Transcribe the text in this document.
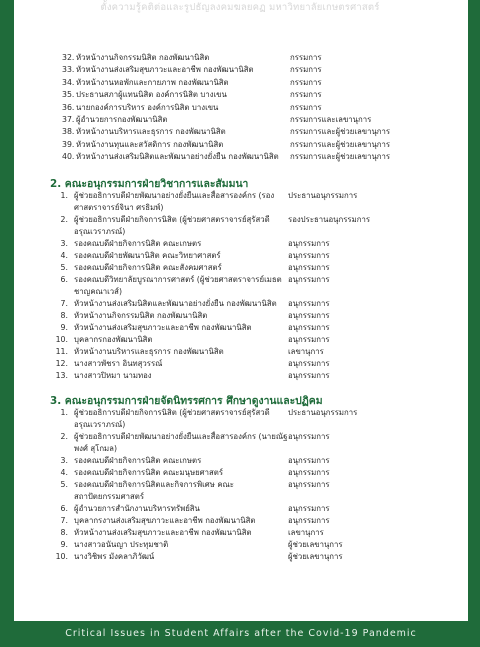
ตั้งความรู้คติต่อและรูปธัญลงคมฆลยคฏ มหาวิทยาลัยเกษตรศาสตร์
32. หัวหน้างานกิจกรรมนิสิต กองพัฒนานิสิต	กรรมการ
33. หัวหน้างานส่งเสริมสุขภาวะและอาชีพ กองพัฒนานิสิต	กรรมการ
34. หัวหน้างานหอพักและกายภาพ กองพัฒนานิสิต	กรรมการ
35. ประธานสภาผู้แทนนิสิต องค์การนิสิต บางเขน	กรรมการ
36. นายกองค์การบริหาร องค์การนิสิต บางเขน	กรรมการ
37. ผู้อำนวยการกองพัฒนานิสิต	กรรมการและเลขานุการ
38. หัวหน้างานบริหารและธุรการ กองพัฒนานิสิต	กรรมการและผู้ช่วยเลขานุการ
39. หัวหน้างานทุนและสวัสดิการ กองพัฒนานิสิต	กรรมการและผู้ช่วยเลขานุการ
40. หัวหน้างานส่งเสริมนิสิตและพัฒนาอย่างยั่งยืน กองพัฒนานิสิต	กรรมการและผู้ช่วยเลขานุการ
2. คณะอนุกรรมการฝ่ายวิชาการและสัมมนา
1. ผู้ช่วยอธิการบดีฝ่ายพัฒนาอย่างยั่งยืนและสื่อสารองค์กร (รองศาสตราจารย์จินา ศรธิมพ์)
ประธานอนุกรรมการ
2. ผู้ช่วยอธิการบดีฝ่ายกิจการนิสิต (ผู้ช่วยศาสตราจารย์สุรัสวดี อรุณเวราภรณ์)
รองประธานอนุกรรมการ
3. รองคณบดีฝ่ายกิจการนิสิต คณะเกษตร	อนุกรรมการ
4. รองคณบดีฝ่ายพัฒนานิสิต คณะวิทยาศาสตร์	อนุกรรมการ
5. รองคณบดีฝ่ายกิจการนิสิต คณะสังคมศาสตร์	อนุกรรมการ
6. รองคณบดีวิทยาลัยบูรณาการศาสตร์ (ผู้ช่วยศาสตราจารย์เมธต ชาญคณาเวส์)
อนุกรรมการ
7. หัวหน้างานส่งเสริมนิสิตและพัฒนาอย่างยั่งยืน กองพัฒนานิสิต	อนุกรรมการ
8. หัวหน้างานกิจกรรมนิสิต กองพัฒนานิสิต	อนุกรรมการ
9. หัวหน้างานส่งเสริมสุขภาวะและอาชีพ กองพัฒนานิสิต	อนุกรรมการ
10. บุคลากรกองพัฒนานิสิต	อนุกรรมการ
11. หัวหน้างานบริหารและธุรการ กองพัฒนานิสิต	เลขานุการ
12. นางสาวพัชรา อินทสุวรรณ์	อนุกรรมการ
13. นางสาวปิหมา นามทอง	อนุกรรมการ
3. คณะอนุกรรมการฝ่ายจัดนิทรรศการ ศึกษาดูงานและปฏิคม
1. ผู้ช่วยอธิการบดีฝ่ายกิจการนิสิต (ผู้ช่วยศาสตราจารย์สุรัสวดี อรุณเวราภรณ์)
ประธานอนุกรรมการ
2. ผู้ช่วยอธิการบดีฝ่ายพัฒนาอย่างยั่งยืนและสื่อสารองค์กร (นายณัฐพงศ์ สุโกมล)
อนุกรรมการ
3. รองคณบดีฝ่ายกิจการนิสิต คณะเกษตร	อนุกรรมการ
4. รองคณบดีฝ่ายกิจการนิสิต คณะมนุษยศาสตร์	อนุกรรมการ
5. รองคณบดีฝ่ายกิจการนิสิตและกิจการพิเศษ คณะสถาปัตยกรรมศาสตร์
อนุกรรมการ
6. ผู้อำนวยการสำนักงานบริหารทรัพย์สิน	อนุกรรมการ
7. บุคลากรงานส่งเสริมสุขภาวะและอาชีพ กองพัฒนานิสิต	อนุกรรมการ
8. หัวหน้างานส่งเสริมสุขภาวะและอาชีพ กองพัฒนานิสิต	เลขานุการ
9. นางสาวอนันญา ประทุมชาติ	ผู้ช่วยเลขานุการ
10. นางวิชิพร มังคลาภิวัฒน์	ผู้ช่วยเลขานุการ
Critical Issues in Student Affairs after the Covid-19 Pandemic
